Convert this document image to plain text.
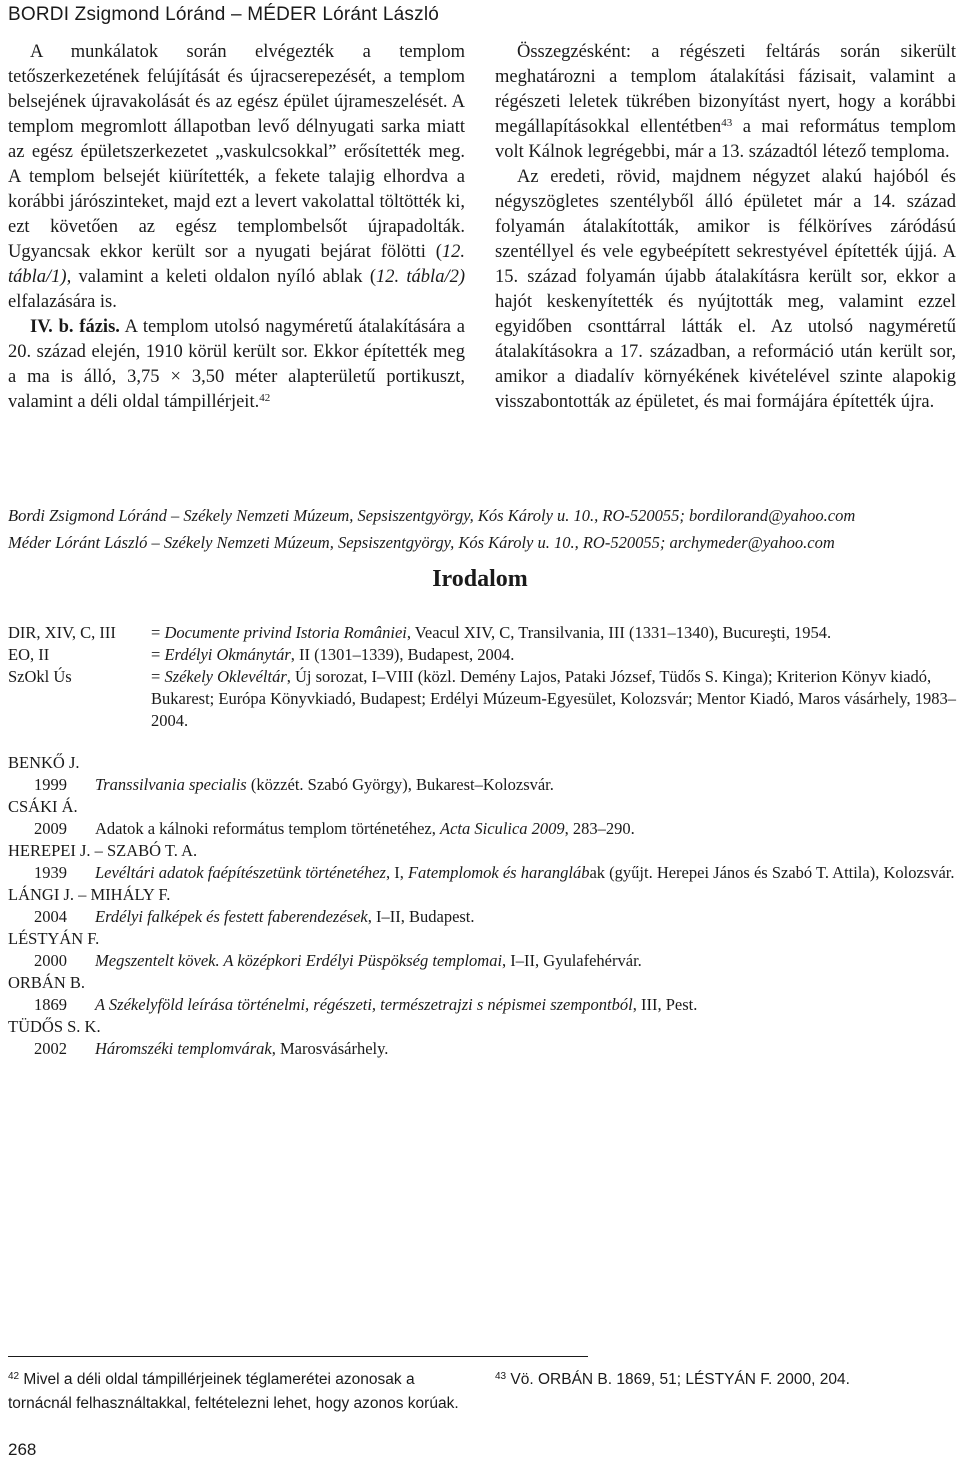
BORDI Zsigmond Lóránd – MÉDER Lóránt László

A munkálatok során elvégezték a templom tetőszerkezetének felújítását és újracserepezését, a templom belsejének újravakolását és az egész épület újrameszelését. A templom megromlott állapotban levő délnyugati sarka miatt az egész épületszerkezetet „vaskulcsokkal” erősítették meg. A templom belsejét kiürítették, a fekete talajig elhordva a korábbi járószinteket, majd ezt a levert vakolattal töltötték ki, ezt követően az egész templombelsőt újrapadolták. Ugyancsak ekkor került sor a nyugati bejárat fölötti (12. tábla/1), valamint a keleti oldalon nyíló ablak (12. tábla/2) elfalazására is.

IV. b. fázis. A templom utolsó nagyméretű átalakítására a 20. század elején, 1910 körül került sor. Ekkor építették meg a ma is álló, 3,75 × 3,50 méter alapterületű portikuszt, valamint a déli oldal támpillérjeit.$^{42}$

Összegzésként: a régészeti feltárás során sikerült meghatározni a templom átalakítási fázisait, valamint a régészeti leletek tükrében bizonyítást nyert, hogy a korábbi megállapításokkal ellentétben$^{43}$ a mai református templom volt Kálnok legrégebbi, már a 13. századtól létező temploma.

Az eredeti, rövid, majdnem négyzet alakú hajóból és négyszögletes szentélyből álló épületet már a 14. század folyamán átalakították, amikor is félköríves záródású szentéllyel és vele egybeépített sekrestyével építették újjá. A 15. század folyamán újabb átalakításra került sor, ekkor a hajót keskenyítették és nyújtották meg, valamint ezzel egyidőben csonttárral látták el. Az utolsó nagyméretű átalakításokra a 17. században, a reformáció után került sor, amikor a diadalív környékének kivételével szinte alapokig visszabontották az épületet, és mai formájára építették újra.

Bordi Zsigmond Lóránd – Székely Nemzeti Múzeum, Sepsiszentgyörgy, Kós Károly u. 10., RO-520055; bordilorand@yahoo.com
Méder Lóránt László – Székely Nemzeti Múzeum, Sepsiszentgyörgy, Kós Károly u. 10., RO-520055; archymeder@yahoo.com
Irodalom
DIR, XIV, C, III	= Documente privind Istoria României, Veacul XIV, C, Transilvania, III (1331–1340), Bucureşti, 1954.
EO, II	= Erdélyi Okmánytár, II (1301–1339), Budapest, 2004.
SzOkl Ús	= Székely Oklevéltár, Új sorozat, I–VIII (közl. Demény Lajos, Pataki József, Tüdős S. Kinga); Kriterion Könyv kiadó, Bukarest; Európa Könyvkiadó, Budapest; Erdélyi Múzeum-Egyesület, Kolozsvár; Mentor Kiadó, Maros vásárhely, 1983–2004.
BENKŐ J.
1999	Transsilvania specialis (közzét. Szabó György), Bukarest–Kolozsvár.
CSÁKI Á.
2009	Adatok a kálnoki református templom történetéhez, Acta Siculica 2009, 283–290.
HEREPEI J. – SZABÓ T. A.
1939	Levéltári adatok faépítészetünk történetéhez, I, Fatemplomok és haranglábak (gyűjt. Herepei János és Szabó T. Attila), Kolozsvár.
LÁNGI J. – MIHÁLY F.
2004	Erdélyi falképek és festett faberendezések, I–II, Budapest.
LÉSTYÁN F.
2000	Megszentelt kövek. A középkori Erdélyi Püspökség templomai, I–II, Gyulafehérvár.
ORBÁN B.
1869	A Székelyföld leírása történelmi, régészeti, természetrajzi s népismei szempontból, III, Pest.
TÜDŐS S. K.
2002	Háromszéki templomvárak, Marosvásárhely.
$^{42}$ Mivel a déli oldal támpillérjeinek téglamerétei azonosak a tornácnál felhasználtakkal, feltételezni lehet, hogy azonos korúak.
$^{43}$ Vö. ORBÁN B. 1869, 51; LÉSTYÁN F. 2000, 204.
268
